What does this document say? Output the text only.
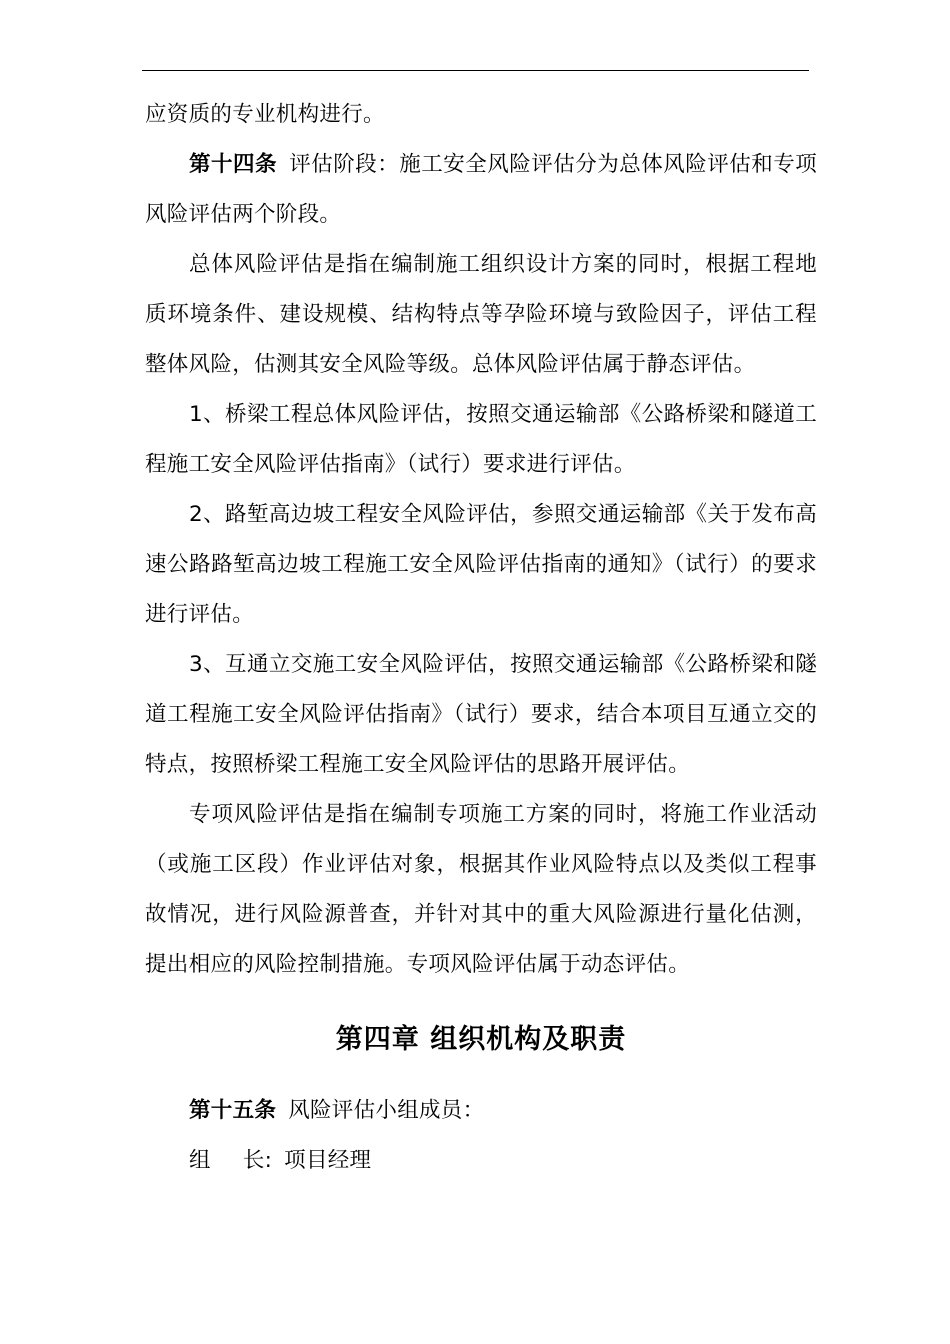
应资质的专业机构进行。

第十四条 评估阶段：施工安全风险评估分为总体风险评估和专项风险评估两个阶段。

总体风险评估是指在编制施工组织设计方案的同时，根据工程地质环境条件、建设规模、结构特点等孕险环境与致险因子，评估工程整体风险，估测其安全风险等级。总体风险评估属于静态评估。

1、桥梁工程总体风险评估，按照交通运输部《公路桥梁和隧道工程施工安全风险评估指南》（试行）要求进行评估。

2、路堑高边坡工程安全风险评估，参照交通运输部《关于发布高速公路路堑高边坡工程施工安全风险评估指南的通知》（试行）的要求进行评估。

3、互通立交施工安全风险评估，按照交通运输部《公路桥梁和隧道工程施工安全风险评估指南》（试行）要求，结合本项目互通立交的特点，按照桥梁工程施工安全风险评估的思路开展评估。

专项风险评估是指在编制专项施工方案的同时，将施工作业活动（或施工区段）作业评估对象，根据其作业风险特点以及类似工程事故情况，进行风险源普查，并针对其中的重大风险源进行量化估测，提出相应的风险控制措施。专项风险评估属于动态评估。

第四章 组织机构及职责

第十五条 风险评估小组成员：

组 长: 项目经理
